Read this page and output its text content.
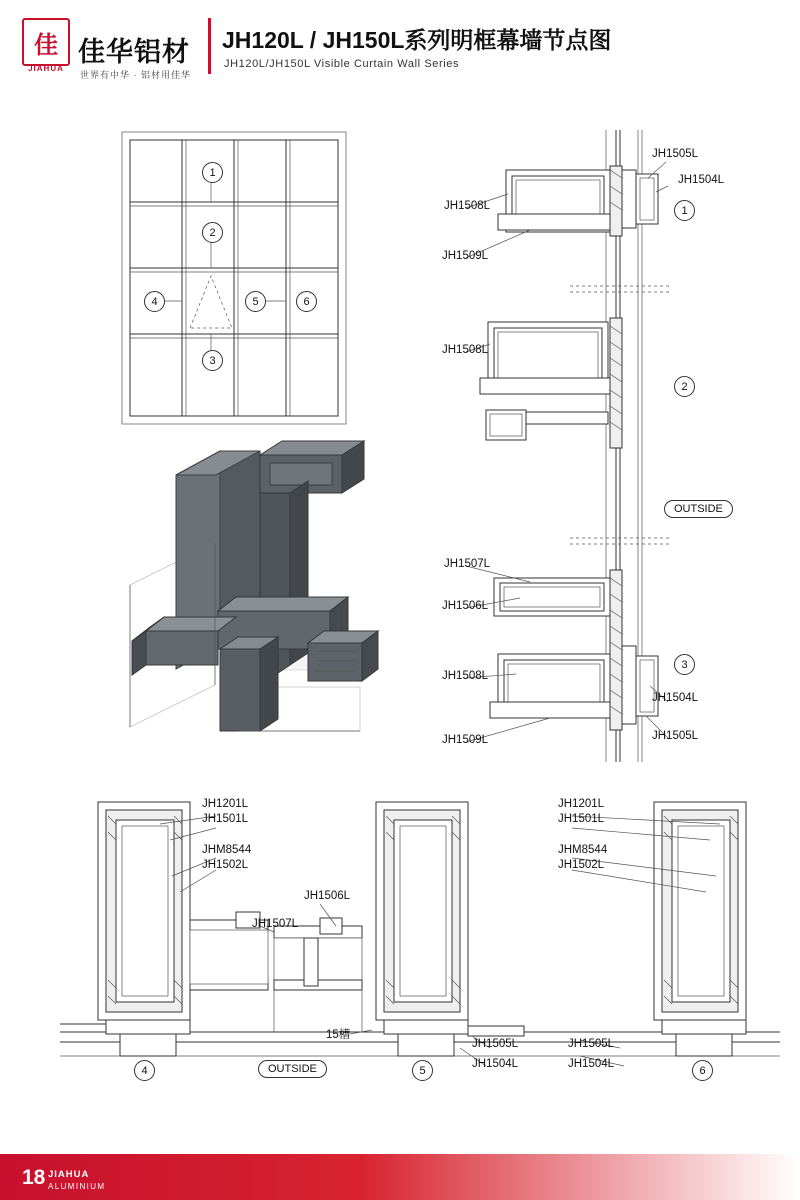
佳
JIAHUA
佳华铝材
世界有中华 · 铝材用佳华
JH120L / JH150L系列明框幕墙节点图
JH120L/JH150L Visible Curtain Wall Series
1
2
3
4	5	6
JH1505L
JH1504L
JH1508L
JH1509L
1
JH1508L
2
OUTSIDE
JH1507L
JH1506L
JH1508L
JH1504L
JH1509L	JH1505L
3
JH1201L
JH1501L
JHM8544
JH1502L
4
JH1506L
JH1507L
15槽
OUTSIDE
JH1505L
JH1504L
5
JH1201L
JH1501L
JHM8544
JH1502L
JH1505L
JH1504L
6
18 JIAHUA
ALUMINIUM
